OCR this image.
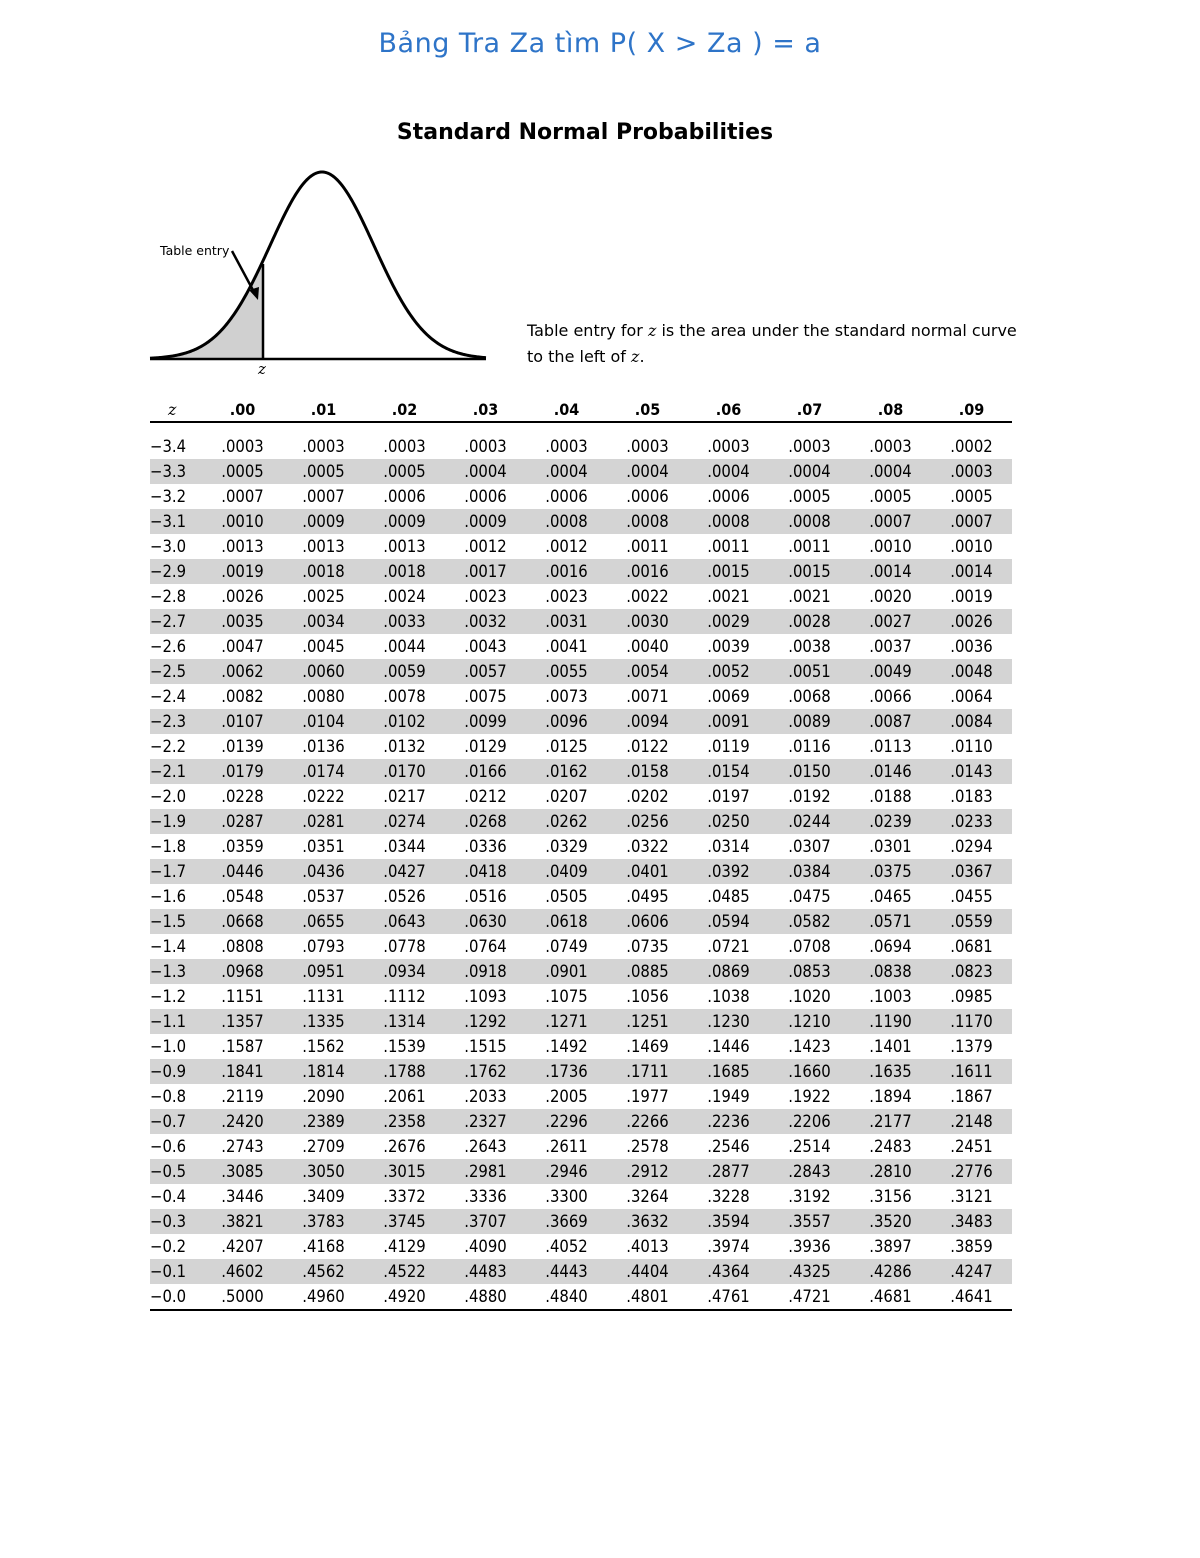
Bảng Tra Za tìm P( X > Za ) = a
Standard Normal Probabilities
Table entry
z
Table entry for z is the area under the standard normal curve to the left of z.
z	.00	.01	.02	.03	.04	.05	.06	.07	.08	.09

−3.4	.0003	.0003	.0003	.0003	.0003	.0003	.0003	.0003	.0003	.0002
−3.3	.0005	.0005	.0005	.0004	.0004	.0004	.0004	.0004	.0004	.0003
−3.2	.0007	.0007	.0006	.0006	.0006	.0006	.0006	.0005	.0005	.0005
−3.1	.0010	.0009	.0009	.0009	.0008	.0008	.0008	.0008	.0007	.0007
−3.0	.0013	.0013	.0013	.0012	.0012	.0011	.0011	.0011	.0010	.0010
−2.9	.0019	.0018	.0018	.0017	.0016	.0016	.0015	.0015	.0014	.0014
−2.8	.0026	.0025	.0024	.0023	.0023	.0022	.0021	.0021	.0020	.0019
−2.7	.0035	.0034	.0033	.0032	.0031	.0030	.0029	.0028	.0027	.0026
−2.6	.0047	.0045	.0044	.0043	.0041	.0040	.0039	.0038	.0037	.0036
−2.5	.0062	.0060	.0059	.0057	.0055	.0054	.0052	.0051	.0049	.0048
−2.4	.0082	.0080	.0078	.0075	.0073	.0071	.0069	.0068	.0066	.0064
−2.3	.0107	.0104	.0102	.0099	.0096	.0094	.0091	.0089	.0087	.0084
−2.2	.0139	.0136	.0132	.0129	.0125	.0122	.0119	.0116	.0113	.0110
−2.1	.0179	.0174	.0170	.0166	.0162	.0158	.0154	.0150	.0146	.0143
−2.0	.0228	.0222	.0217	.0212	.0207	.0202	.0197	.0192	.0188	.0183
−1.9	.0287	.0281	.0274	.0268	.0262	.0256	.0250	.0244	.0239	.0233
−1.8	.0359	.0351	.0344	.0336	.0329	.0322	.0314	.0307	.0301	.0294
−1.7	.0446	.0436	.0427	.0418	.0409	.0401	.0392	.0384	.0375	.0367
−1.6	.0548	.0537	.0526	.0516	.0505	.0495	.0485	.0475	.0465	.0455
−1.5	.0668	.0655	.0643	.0630	.0618	.0606	.0594	.0582	.0571	.0559
−1.4	.0808	.0793	.0778	.0764	.0749	.0735	.0721	.0708	.0694	.0681
−1.3	.0968	.0951	.0934	.0918	.0901	.0885	.0869	.0853	.0838	.0823
−1.2	.1151	.1131	.1112	.1093	.1075	.1056	.1038	.1020	.1003	.0985
−1.1	.1357	.1335	.1314	.1292	.1271	.1251	.1230	.1210	.1190	.1170
−1.0	.1587	.1562	.1539	.1515	.1492	.1469	.1446	.1423	.1401	.1379
−0.9	.1841	.1814	.1788	.1762	.1736	.1711	.1685	.1660	.1635	.1611
−0.8	.2119	.2090	.2061	.2033	.2005	.1977	.1949	.1922	.1894	.1867
−0.7	.2420	.2389	.2358	.2327	.2296	.2266	.2236	.2206	.2177	.2148
−0.6	.2743	.2709	.2676	.2643	.2611	.2578	.2546	.2514	.2483	.2451
−0.5	.3085	.3050	.3015	.2981	.2946	.2912	.2877	.2843	.2810	.2776
−0.4	.3446	.3409	.3372	.3336	.3300	.3264	.3228	.3192	.3156	.3121
−0.3	.3821	.3783	.3745	.3707	.3669	.3632	.3594	.3557	.3520	.3483
−0.2	.4207	.4168	.4129	.4090	.4052	.4013	.3974	.3936	.3897	.3859
−0.1	.4602	.4562	.4522	.4483	.4443	.4404	.4364	.4325	.4286	.4247
−0.0	.5000	.4960	.4920	.4880	.4840	.4801	.4761	.4721	.4681	.4641
